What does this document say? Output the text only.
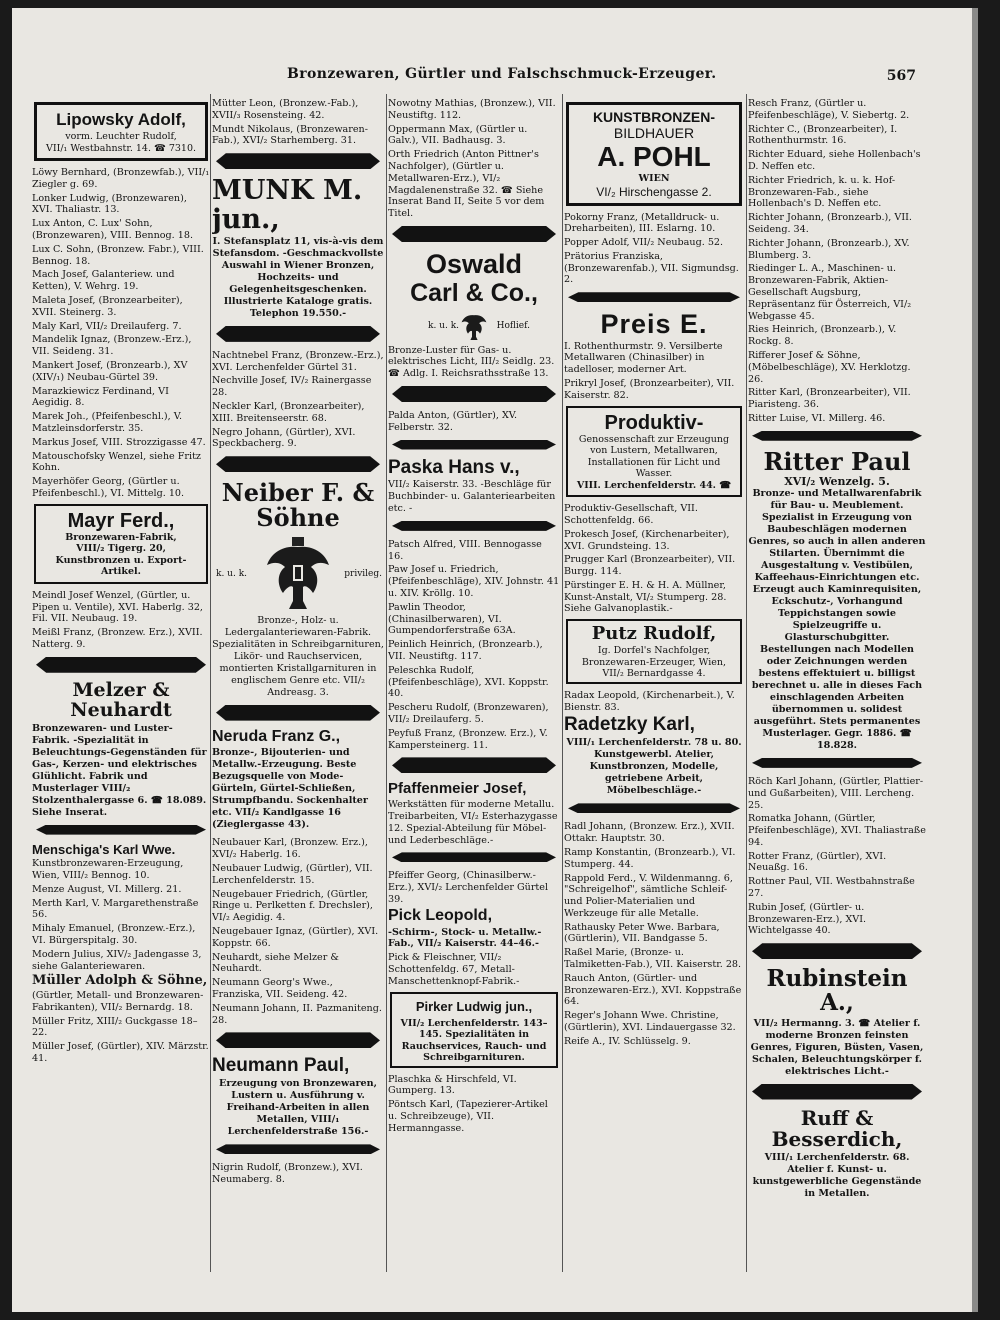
Bronzewaren, Gürtler und Falschschmuck-Erzeuger.	567
Lipowsky Adolf,
vorm. Leuchter Rudolf,
VII/₁ Westbahnstr. 14. ☎ 7310.
Löwy Bernhard, (Bronzewfab.), VII/₁ Ziegler g. 69.
Lonker Ludwig, (Bronzewaren), XVI. Thaliastr. 13.
Lux Anton, C. Lux' Sohn, (Bronzewaren), VIII. Bennog. 18.
Lux C. Sohn, (Bronzew. Fabr.), VIII. Bennog. 18.
Mach Josef, Galanteriew. und Ketten), V. Wehrg. 19.
Maleta Josef, (Bronzearbeiter), XVII. Steinerg. 3.
Maly Karl, VII/₂ Dreilauferg. 7.
Mandelik Ignaz, (Bronzew.-Erz.), VII. Seideng. 31.
Mankert Josef, (Bronzearb.), XV (XIV/₁) Neubau-Gürtel 39.
Marazkiewicz Ferdinand, VI Aegidig. 8.
Marek Joh., (Pfeifenbeschl.), V. Matzleinsdorferstr. 35.
Markus Josef, VIII. Strozzigasse 47.
Matouschofsky Wenzel, siehe Fritz Kohn.
Mayerhöfer Georg, (Gürtler u. Pfeifenbeschl.), VI. Mittelg. 10.
Mayr Ferd.,
Bronzewaren-Fabrik,
VIII/₂ Tigerg. 20,
Kunstbronzen u. Export-
Artikel.
Meindl Josef Wenzel, (Gürtler, u. Pipen u. Ventile), XVI. Haberlg. 32, Fil. VII. Neubaug. 19.
Meißl Franz, (Bronzew. Erz.), XVII. Natterg. 9.
Melzer & Neuhardt
Bronzewaren- und Luster-Fabrik. -Spezialität in Beleuchtungs-Gegenständen für Gas-, Kerzen- und elektrisches Glühlicht. Fabrik und Musterlager VIII/₂ Stolzenthalergasse 6. ☎ 18.089. Siehe Inserat.
Menschiga's Karl Wwe.
Kunstbronzewaren-Erzeugung, Wien, VIII/₂ Bennog. 10.
Menze August, VI. Millerg. 21.
Merth Karl, V. Margarethenstraße 56.
Mihaly Emanuel, (Bronzew.-Erz.), VI. Bürgerspitalg. 30.
Modern Julius, XIV/₂ Jadengasse 3, siehe Galanteriewaren.
Müller Adolph & Söhne,
(Gürtler, Metall- und Bronzewaren-Fabrikanten), VII/₂ Bernardg. 18.
Müller Fritz, XIII/₂ Guckgasse 18–22.
Müller Josef, (Gürtler), XIV. Märzstr. 41.
Mütter Leon, (Bronzew.-Fab.), XVII/₃ Rosensteing. 42.
Mundt Nikolaus, (Bronzewaren-Fab.), XVI/₂ Starhemberg. 31.
MUNK M. jun.,
I. Stefansplatz 11, vis-à-vis dem Stefansdom. -Geschmackvollste Auswahl in Wiener Bronzen, Hochzeits- und Gelegenheitsgeschenken. Illustrierte Kataloge gratis. Telephon 19.550.-
Nachtnebel Franz, (Bronzew.-Erz.), XVI. Lerchenfelder Gürtel 31.
Nechville Josef, IV/₂ Rainergasse 28.
Neckler Karl, (Bronzearbeiter), XIII. Breitenseerstr. 68.
Negro Johann, (Gürtler), XVI. Speckbacherg. 9.
Neiber F. & Söhne
k. u. k.	privileg.
Bronze-, Holz- u. Ledergalanteriewaren-Fabrik. Spezialitäten in Schreibgarnituren, Likör- und Rauchservicen, montierten Kristallgarnituren in englischem Genre etc. VII/₂ Andreasg. 3.
Neruda Franz G.,
Bronze-, Bijouterien- und Metallw.-Erzeugung. Beste Bezugsquelle von Mode-Gürteln, Gürtel-Schließen, Strumpfbandu. Sockenhalter etc. VII/₂ Kandlgasse 16 (Zieglergasse 43).
Neubauer Karl, (Bronzew. Erz.), XVI/₂ Haberlg. 16.
Neubauer Ludwig, (Gürtler), VII. Lerchenfelderstr. 15.
Neugebauer Friedrich, (Gürtler, Ringe u. Perlketten f. Drechsler), VI/₂ Aegidig. 4.
Neugebauer Ignaz, (Gürtler), XVI. Koppstr. 66.
Neuhardt, siehe Melzer & Neuhardt.
Neumann Georg's Wwe., Franziska, VII. Seideng. 42.
Neumann Johann, II. Pazmaniteng. 28.
Neumann Paul,
Erzeugung von Bronzewaren, Lustern u. Ausführung v. Freihand-Arbeiten in allen Metallen, VIII/₁ Lerchenfelderstraße 156.-
Nigrin Rudolf, (Bronzew.), XVI. Neumaberg. 8.
Nowotny Mathias, (Bronzew.), VII. Neustiftg. 112.
Oppermann Max, (Gürtler u. Galv.), VII. Badhausg. 3.
Orth Friedrich (Anton Pittner's Nachfolger), (Gürtler u. Metallwaren-Erz.), VI/₂ Magdalenenstraße 32. ☎ Siehe Inserat Band II, Seite 5 vor dem Titel.
Oswald
Carl & Co.,
k. u. k.	Hoflief.
Bronze-Luster für Gas- u. elektrisches Licht, III/₂ Seidlg. 23. ☎ Adlg. I. Reichsrathsstraße 13.
Palda Anton, (Gürtler), XV. Felberstr. 32.
Paska Hans v.,
VII/₂ Kaiserstr. 33. -Beschläge für Buchbinder- u. Galanteriearbeiten etc. -
Patsch Alfred, VIII. Bennogasse 16.
Paw Josef u. Friedrich, (Pfeifenbeschläge), XIV. Johnstr. 41 u. XIV. Kröllg. 10.
Pawlin Theodor, (Chinasilberwaren), VI. Gumpendorferstraße 63A.
Peinlich Heinrich, (Bronzearb.), VII. Neustiftg. 117.
Peleschka Rudolf, (Pfeifenbeschläge), XVI. Koppstr. 40.
Pescheru Rudolf, (Bronzewaren), VII/₂ Dreilauferg. 5.
Peyfuß Franz, (Bronzew. Erz.), V. Kampersteinerg. 11.
Pfaffenmeier Josef,
Werkstätten für moderne Metallu. Treibarbeiten, VI/₂ Esterhazygasse 12. Spezial-Abteilung für Möbel- und Lederbeschläge.-
Pfeiffer Georg, (Chinasilberw.-Erz.), XVI/₂ Lerchenfelder Gürtel 39.
Pick Leopold,
-Schirm-, Stock- u. Metallw.-Fab., VII/₂ Kaiserstr. 44–46.-
Pick & Fleischner, VII/₂ Schottenfeldg. 67, Metall-Manschettenknopf-Fabrik.-
Pirker Ludwig jun.,
VII/₂ Lerchenfelderstr. 143–145. Spezialitäten in Rauchservices, Rauch- und Schreibgarnituren.
Plaschka & Hirschfeld, VI. Gumperg. 13.
Pöntsch Karl, (Tapezierer-Artikel u. Schreibzeuge), VII. Hermanngasse.
KUNSTBRONZEN-
BILDHAUER
A. POHL
WIEN
VI/₂ Hirschengasse 2.
Pokorny Franz, (Metalldruck- u. Dreharbeiten), III. Eslarng. 10.
Popper Adolf, VII/₂ Neubaug. 52.
Prätorius Franziska, (Bronzewarenfab.), VII. Sigmundsg. 2.
Preis E.
I. Rothenthurmstr. 9. Versilberte Metallwaren (Chinasilber) in tadelloser, moderner Art.
Prikryl Josef, (Bronzearbeiter), VII. Kaiserstr. 82.
Produktiv-
Genossenschaft zur Erzeugung von Lustern, Metallwaren, Installationen für Licht und Wasser.
VIII. Lerchenfelderstr. 44. ☎
Produktiv-Gesellschaft, VII. Schottenfeldg. 66.
Prokesch Josef, (Kirchenarbeiter), XVI. Grundsteing. 13.
Prugger Karl (Bronzearbeiter), VII. Burgg. 114.
Pürstinger E. H. & H. A. Müllner, Kunst-Anstalt, VI/₂ Stumperg. 28. Siehe Galvanoplastik.-
Putz Rudolf,
Ig. Dorfel's Nachfolger,
Bronzewaren-Erzeuger, Wien,
VII/₂ Bernardgasse 4.
Radax Leopold, (Kirchenarbeit.), V. Bienstr. 83.
Radetzky Karl,
VIII/₁ Lerchenfelderstr. 78 u. 80. Kunstgewerbl. Atelier, Kunstbronzen, Modelle, getriebene Arbeit, Möbelbeschläge.-
Radl Johann, (Bronzew. Erz.), XVII. Ottakr. Hauptstr. 30.
Ramp Konstantin, (Bronzearb.), VI. Stumperg. 44.
Rappold Ferd., V. Wildenmanng. 6, "Schreigelhof", sämtliche Schleif- und Polier-Materialien und Werkzeuge für alle Metalle.
Rathausky Peter Wwe. Barbara, (Gürtlerin), VII. Bandgasse 5.
Raßel Marie, (Bronze- u. Talmiketten-Fab.), VII. Kaiserstr. 28.
Rauch Anton, (Gürtler- und Bronzewaren-Erz.), XVI. Koppstraße 64.
Reger's Johann Wwe. Christine, (Gürtlerin), XVI. Lindauergasse 32.
Reife A., IV. Schlüsselg. 9.
Resch Franz, (Gürtler u. Pfeifenbeschläge), V. Siebertg. 2.
Richter C., (Bronzearbeiter), I. Rothenthurmstr. 16.
Richter Eduard, siehe Hollenbach's D. Neffen etc.
Richter Friedrich, k. u. k. Hof-Bronzewaren-Fab., siehe Hollenbach's D. Neffen etc.
Richter Johann, (Bronzearb.), VII. Seideng. 34.
Richter Johann, (Bronzearb.), XV. Blumberg. 3.
Riedinger L. A., Maschinen- u. Bronzewaren-Fabrik, Aktien-Gesellschaft Augsburg, Repräsentanz für Österreich, VI/₂ Webgasse 45.
Ries Heinrich, (Bronzearb.), V. Rockg. 8.
Rifferer Josef & Söhne, (Möbelbeschläge), XV. Herklotzg. 26.
Ritter Karl, (Bronzearbeiter), VII. Piaristeng. 36.
Ritter Luise, VI. Millerg. 46.
Ritter Paul
XVI/₂ Wenzelg. 5.
Bronze- und Metallwarenfabrik für Bau- u. Meublement. Spezialist in Erzeugung von Baubeschlägen modernen Genres, so auch in allen anderen Stilarten. Übernimmt die Ausgestaltung v. Vestibülen, Kaffeehaus-Einrichtungen etc. Erzeugt auch Kaminrequisiten, Eckschutz-, Vorhangund Teppichstangen sowie Spielzeugriffe u. Glasturschubgitter. Bestellungen nach Modellen oder Zeichnungen werden bestens effektuiert u. billigst berechnet u. alle in dieses Fach einschlagenden Arbeiten übernommen u. solidest ausgeführt. Stets permanentes Musterlager. Gegr. 1886. ☎ 18.828.
Röch Karl Johann, (Gürtler, Plattier- und Gußarbeiten), VIII. Lercheng. 25.
Romatka Johann, (Gürtler, Pfeifenbeschläge), XVI. Thaliastraße 94.
Rotter Franz, (Gürtler), XVI. Neuaßg. 16.
Rottner Paul, VII. Westbahnstraße 27.
Rubin Josef, (Gürtler- u. Bronzewaren-Erz.), XVI. Wichtelgasse 40.
Rubinstein A.,
VII/₂ Hermanng. 3. ☎ Atelier f. moderne Bronzen feinsten Genres, Figuren, Büsten, Vasen, Schalen, Beleuchtungskörper f. elektrisches Licht.-
Ruff & Besserdich,
VIII/₁ Lerchenfelderstr. 68. Atelier f. Kunst- u. kunstgewerbliche Gegenstände in Metallen.
